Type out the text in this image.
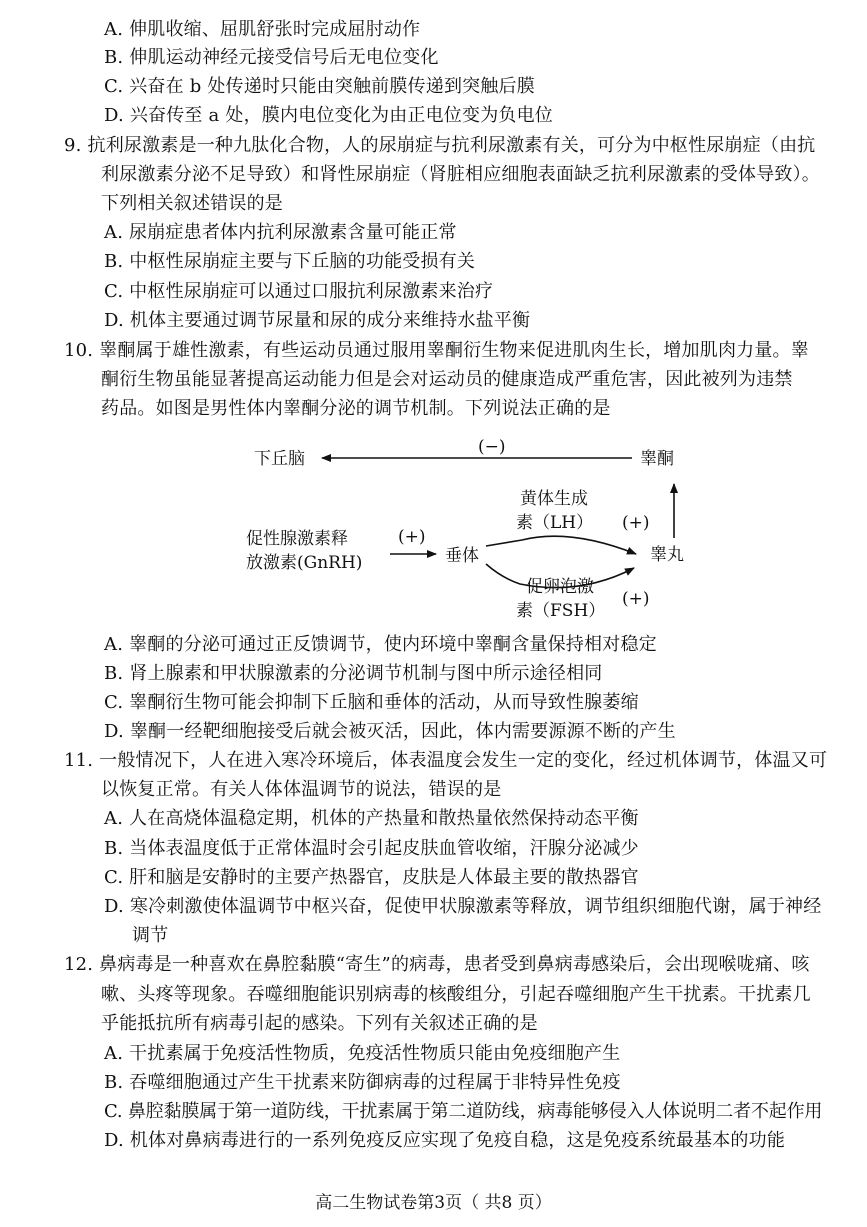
A. 伸肌收缩、屈肌舒张时完成屈肘动作
B. 伸肌运动神经元接受信号后无电位变化
C. 兴奋在 b 处传递时只能由突触前膜传递到突触后膜
D. 兴奋传至 a 处，膜内电位变化为由正电位变为负电位
9. 抗利尿激素是一种九肽化合物，人的尿崩症与抗利尿激素有关，可分为中枢性尿崩症（由抗
利尿激素分泌不足导致）和肾性尿崩症（肾脏相应细胞表面缺乏抗利尿激素的受体导致）。
下列相关叙述错误的是
A. 尿崩症患者体内抗利尿激素含量可能正常
B. 中枢性尿崩症主要与下丘脑的功能受损有关
C. 中枢性尿崩症可以通过口服抗利尿激素来治疗
D. 机体主要通过调节尿量和尿的成分来维持水盐平衡
10. 睾酮属于雄性激素，有些运动员通过服用睾酮衍生物来促进肌肉生长，增加肌肉力量。睾
酮衍生物虽能显著提高运动能力但是会对运动员的健康造成严重危害，因此被列为违禁
药品。如图是男性体内睾酮分泌的调节机制。下列说法正确的是
下丘脑	睾酮
(−)
促性腺激素释
放激素(GnRH)
(+)
垂体
黄体生成
素（LH） (+)
促卵泡激
素（FSH）
(+)
睾丸
A. 睾酮的分泌可通过正反馈调节，使内环境中睾酮含量保持相对稳定
B. 肾上腺素和甲状腺激素的分泌调节机制与图中所示途径相同
C. 睾酮衍生物可能会抑制下丘脑和垂体的活动，从而导致性腺萎缩
D. 睾酮一经靶细胞接受后就会被灭活，因此，体内需要源源不断的产生
11. 一般情况下，人在进入寒冷环境后，体表温度会发生一定的变化，经过机体调节，体温又可
以恢复正常。有关人体体温调节的说法，错误的是
A. 人在高烧体温稳定期，机体的产热量和散热量依然保持动态平衡
B. 当体表温度低于正常体温时会引起皮肤血管收缩，汗腺分泌减少
C. 肝和脑是安静时的主要产热器官，皮肤是人体最主要的散热器官
D. 寒冷刺激使体温调节中枢兴奋，促使甲状腺激素等释放，调节组织细胞代谢，属于神经
调节
12. 鼻病毒是一种喜欢在鼻腔黏膜“寄生”的病毒，患者受到鼻病毒感染后，会出现喉咙痛、咳
嗽、头疼等现象。吞噬细胞能识别病毒的核酸组分，引起吞噬细胞产生干扰素。干扰素几
乎能抵抗所有病毒引起的感染。下列有关叙述正确的是
A. 干扰素属于免疫活性物质，免疫活性物质只能由免疫细胞产生
B. 吞噬细胞通过产生干扰素来防御病毒的过程属于非特异性免疫
C. 鼻腔黏膜属于第一道防线，干扰素属于第二道防线，病毒能够侵入人体说明二者不起作用
D. 机体对鼻病毒进行的一系列免疫反应实现了免疫自稳，这是免疫系统最基本的功能
高二生物试卷第3页（ 共8 页）
